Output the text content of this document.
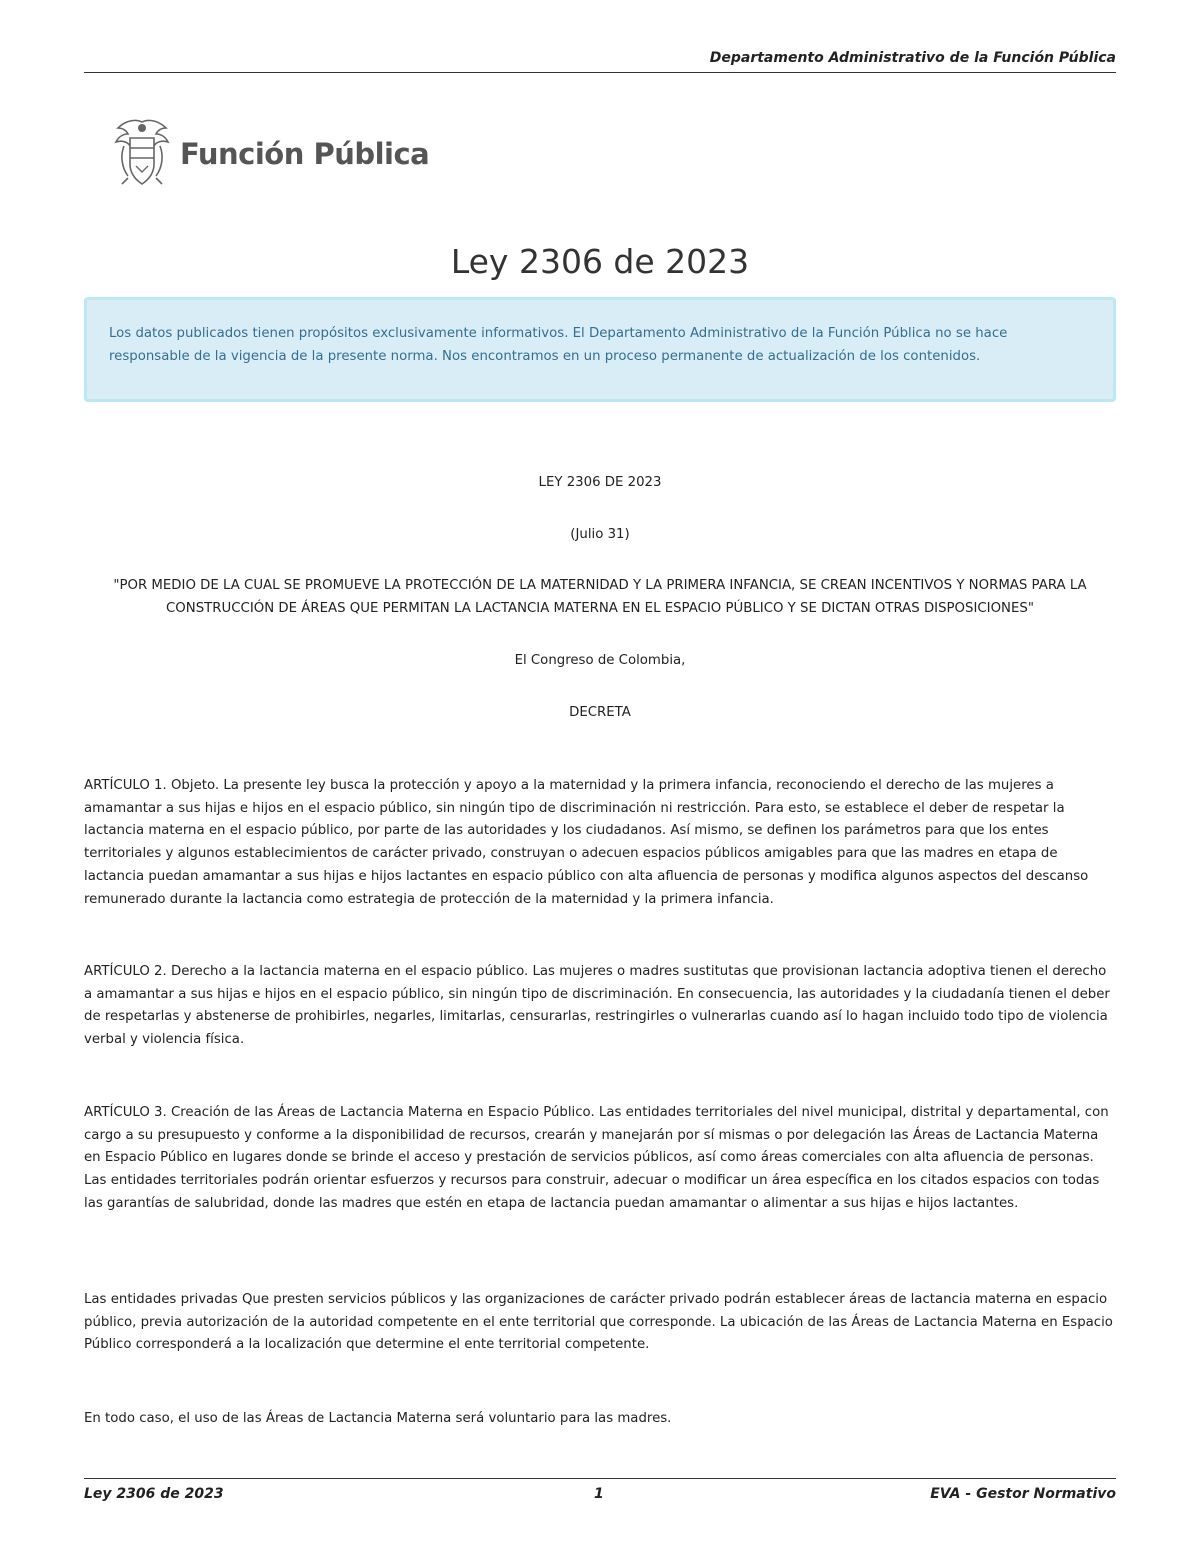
Departamento Administrativo de la Función Pública
Función Pública
Ley 2306 de 2023
Los datos publicados tienen propósitos exclusivamente informativos. El Departamento Administrativo de la Función Pública no se hace responsable de la vigencia de la presente norma. Nos encontramos en un proceso permanente de actualización de los contenidos.
LEY 2306 DE 2023
(Julio 31)
"POR MEDIO DE LA CUAL SE PROMUEVE LA PROTECCIÓN DE LA MATERNIDAD Y LA PRIMERA INFANCIA, SE CREAN INCENTIVOS Y NORMAS PARA LA CONSTRUCCIÓN DE ÁREAS QUE PERMITAN LA LACTANCIA MATERNA EN EL ESPACIO PÚBLICO Y SE DICTAN OTRAS DISPOSICIONES"
El Congreso de Colombia,
DECRETA
ARTÍCULO 1. Objeto. La presente ley busca la protección y apoyo a la maternidad y la primera infancia, reconociendo el derecho de las mujeres a amamantar a sus hijas e hijos en el espacio público, sin ningún tipo de discriminación ni restricción. Para esto, se establece el deber de respetar la lactancia materna en el espacio público, por parte de las autoridades y los ciudadanos. Así mismo, se definen los parámetros para que los entes territoriales y algunos establecimientos de carácter privado, construyan o adecuen espacios públicos amigables para que las madres en etapa de lactancia puedan amamantar a sus hijas e hijos lactantes en espacio público con alta afluencia de personas y modifica algunos aspectos del descanso remunerado durante la lactancia como estrategia de protección de la maternidad y la primera infancia.
ARTÍCULO 2. Derecho a la lactancia materna en el espacio público. Las mujeres o madres sustitutas que provisionan lactancia adoptiva tienen el derecho a amamantar a sus hijas e hijos en el espacio público, sin ningún tipo de discriminación. En consecuencia, las autoridades y la ciudadanía tienen el deber de respetarlas y abstenerse de prohibirles, negarles, limitarlas, censurarlas, restringirles o vulnerarlas cuando así lo hagan incluido todo tipo de violencia verbal y violencia física.
ARTÍCULO 3. Creación de las Áreas de Lactancia Materna en Espacio Público. Las entidades territoriales del nivel municipal, distrital y departamental, con cargo a su presupuesto y conforme a la disponibilidad de recursos, crearán y manejarán por sí mismas o por delegación las Áreas de Lactancia Materna en Espacio Público en lugares donde se brinde el acceso y prestación de servicios públicos, así como áreas comerciales con alta afluencia de personas. Las entidades territoriales podrán orientar esfuerzos y recursos para construir, adecuar o modificar un área específica en los citados espacios con todas las garantías de salubridad, donde las madres que estén en etapa de lactancia puedan amamantar o alimentar a sus hijas e hijos lactantes.
Las entidades privadas Que presten servicios públicos y las organizaciones de carácter privado podrán establecer áreas de lactancia materna en espacio público, previa autorización de la autoridad competente en el ente territorial que corresponde. La ubicación de las Áreas de Lactancia Materna en Espacio Público corresponderá a la localización que determine el ente territorial competente.
En todo caso, el uso de las Áreas de Lactancia Materna será voluntario para las madres.
Ley 2306 de 2023	1	EVA - Gestor Normativo
